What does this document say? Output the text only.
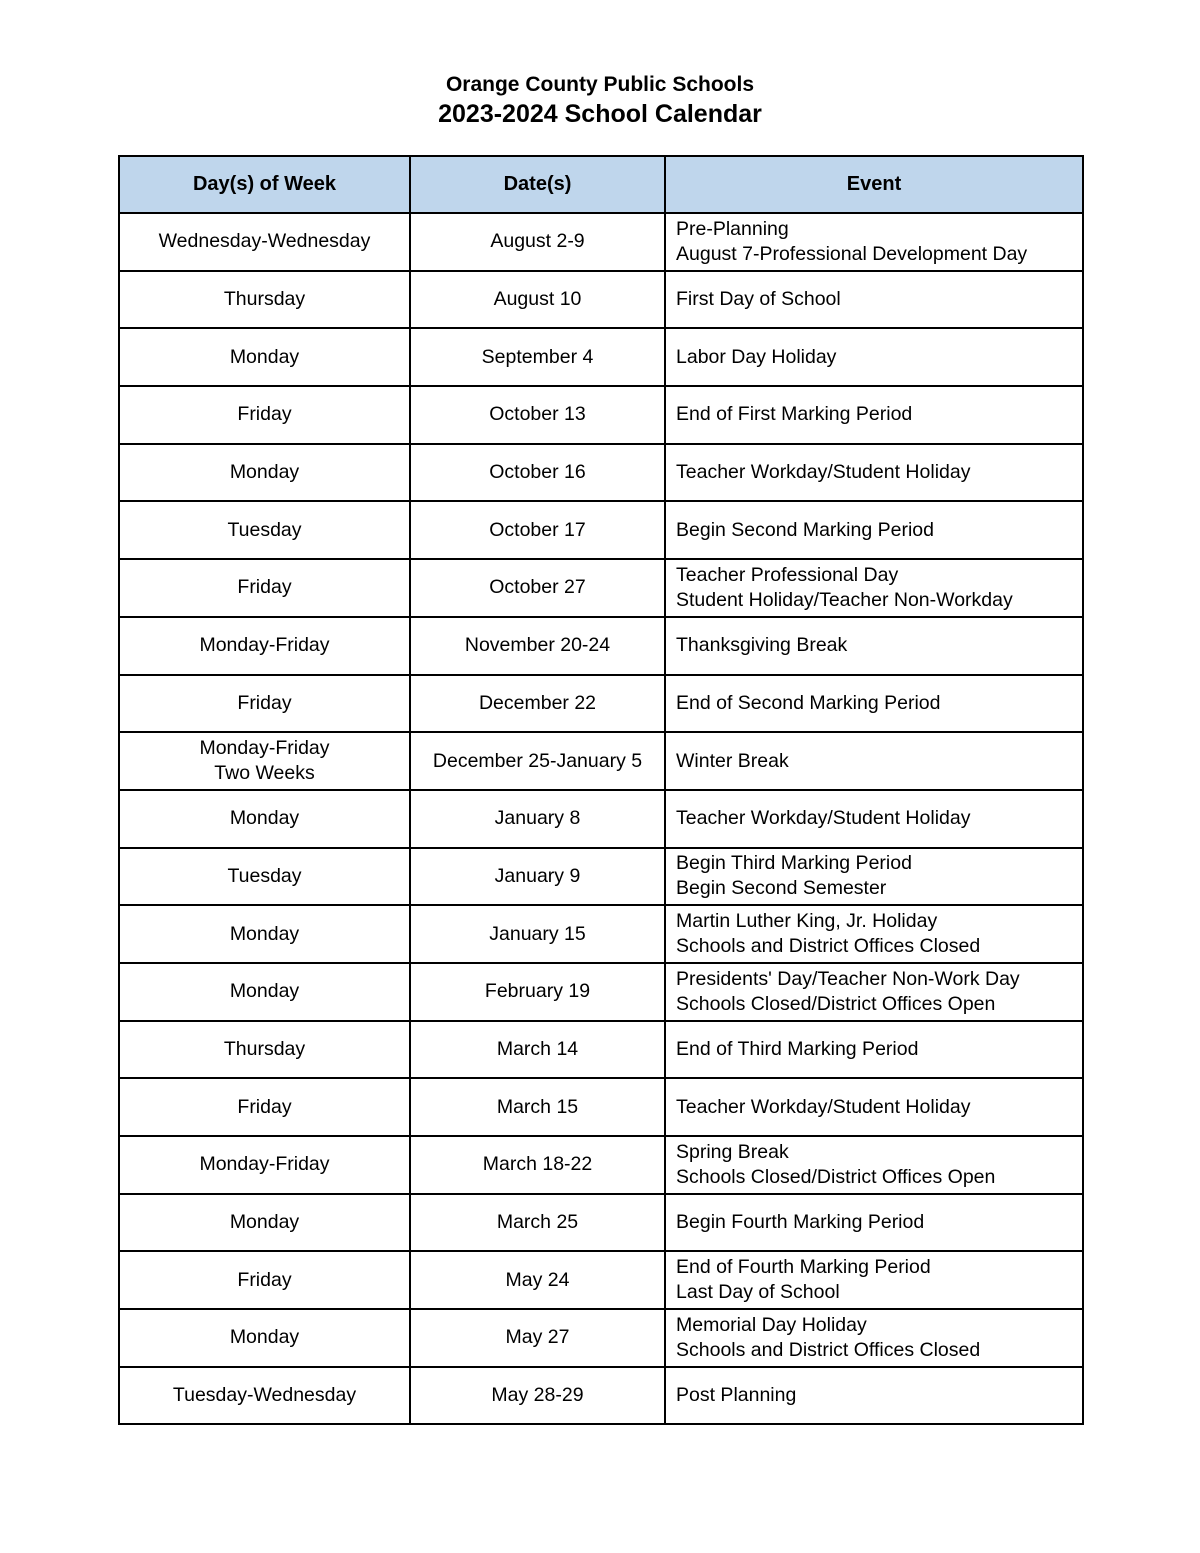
Orange County Public Schools
2023-2024 School Calendar
Day(s) of Week	Date(s)	Event

Wednesday-Wednesday	August 2-9	Pre-Planning
August 7-Professional Development Day

Thursday	August 10	First Day of School

Monday	September 4	Labor Day Holiday

Friday	October 13	End of First Marking Period

Monday	October 16	Teacher Workday/Student Holiday

Tuesday	October 17	Begin Second Marking Period

Friday	October 27	Teacher Professional Day
Student Holiday/Teacher Non-Workday

Monday-Friday	November 20-24	Thanksgiving Break

Friday	December 22	End of Second Marking Period

Monday-Friday
Two Weeks	December 25-January 5	Winter Break

Monday	January 8	Teacher Workday/Student Holiday

Tuesday	January 9	Begin Third Marking Period
Begin Second Semester

Monday	January 15	Martin Luther King, Jr. Holiday
Schools and District Offices Closed

Monday	February 19	Presidents' Day/Teacher Non-Work Day
Schools Closed/District Offices Open

Thursday	March 14	End of Third Marking Period

Friday	March 15	Teacher Workday/Student Holiday

Monday-Friday	March 18-22	Spring Break
Schools Closed/District Offices Open

Monday	March 25	Begin Fourth Marking Period

Friday	May 24	End of Fourth Marking Period
Last Day of School

Monday	May 27	Memorial Day Holiday
Schools and District Offices Closed

Tuesday-Wednesday	May 28-29	Post Planning
